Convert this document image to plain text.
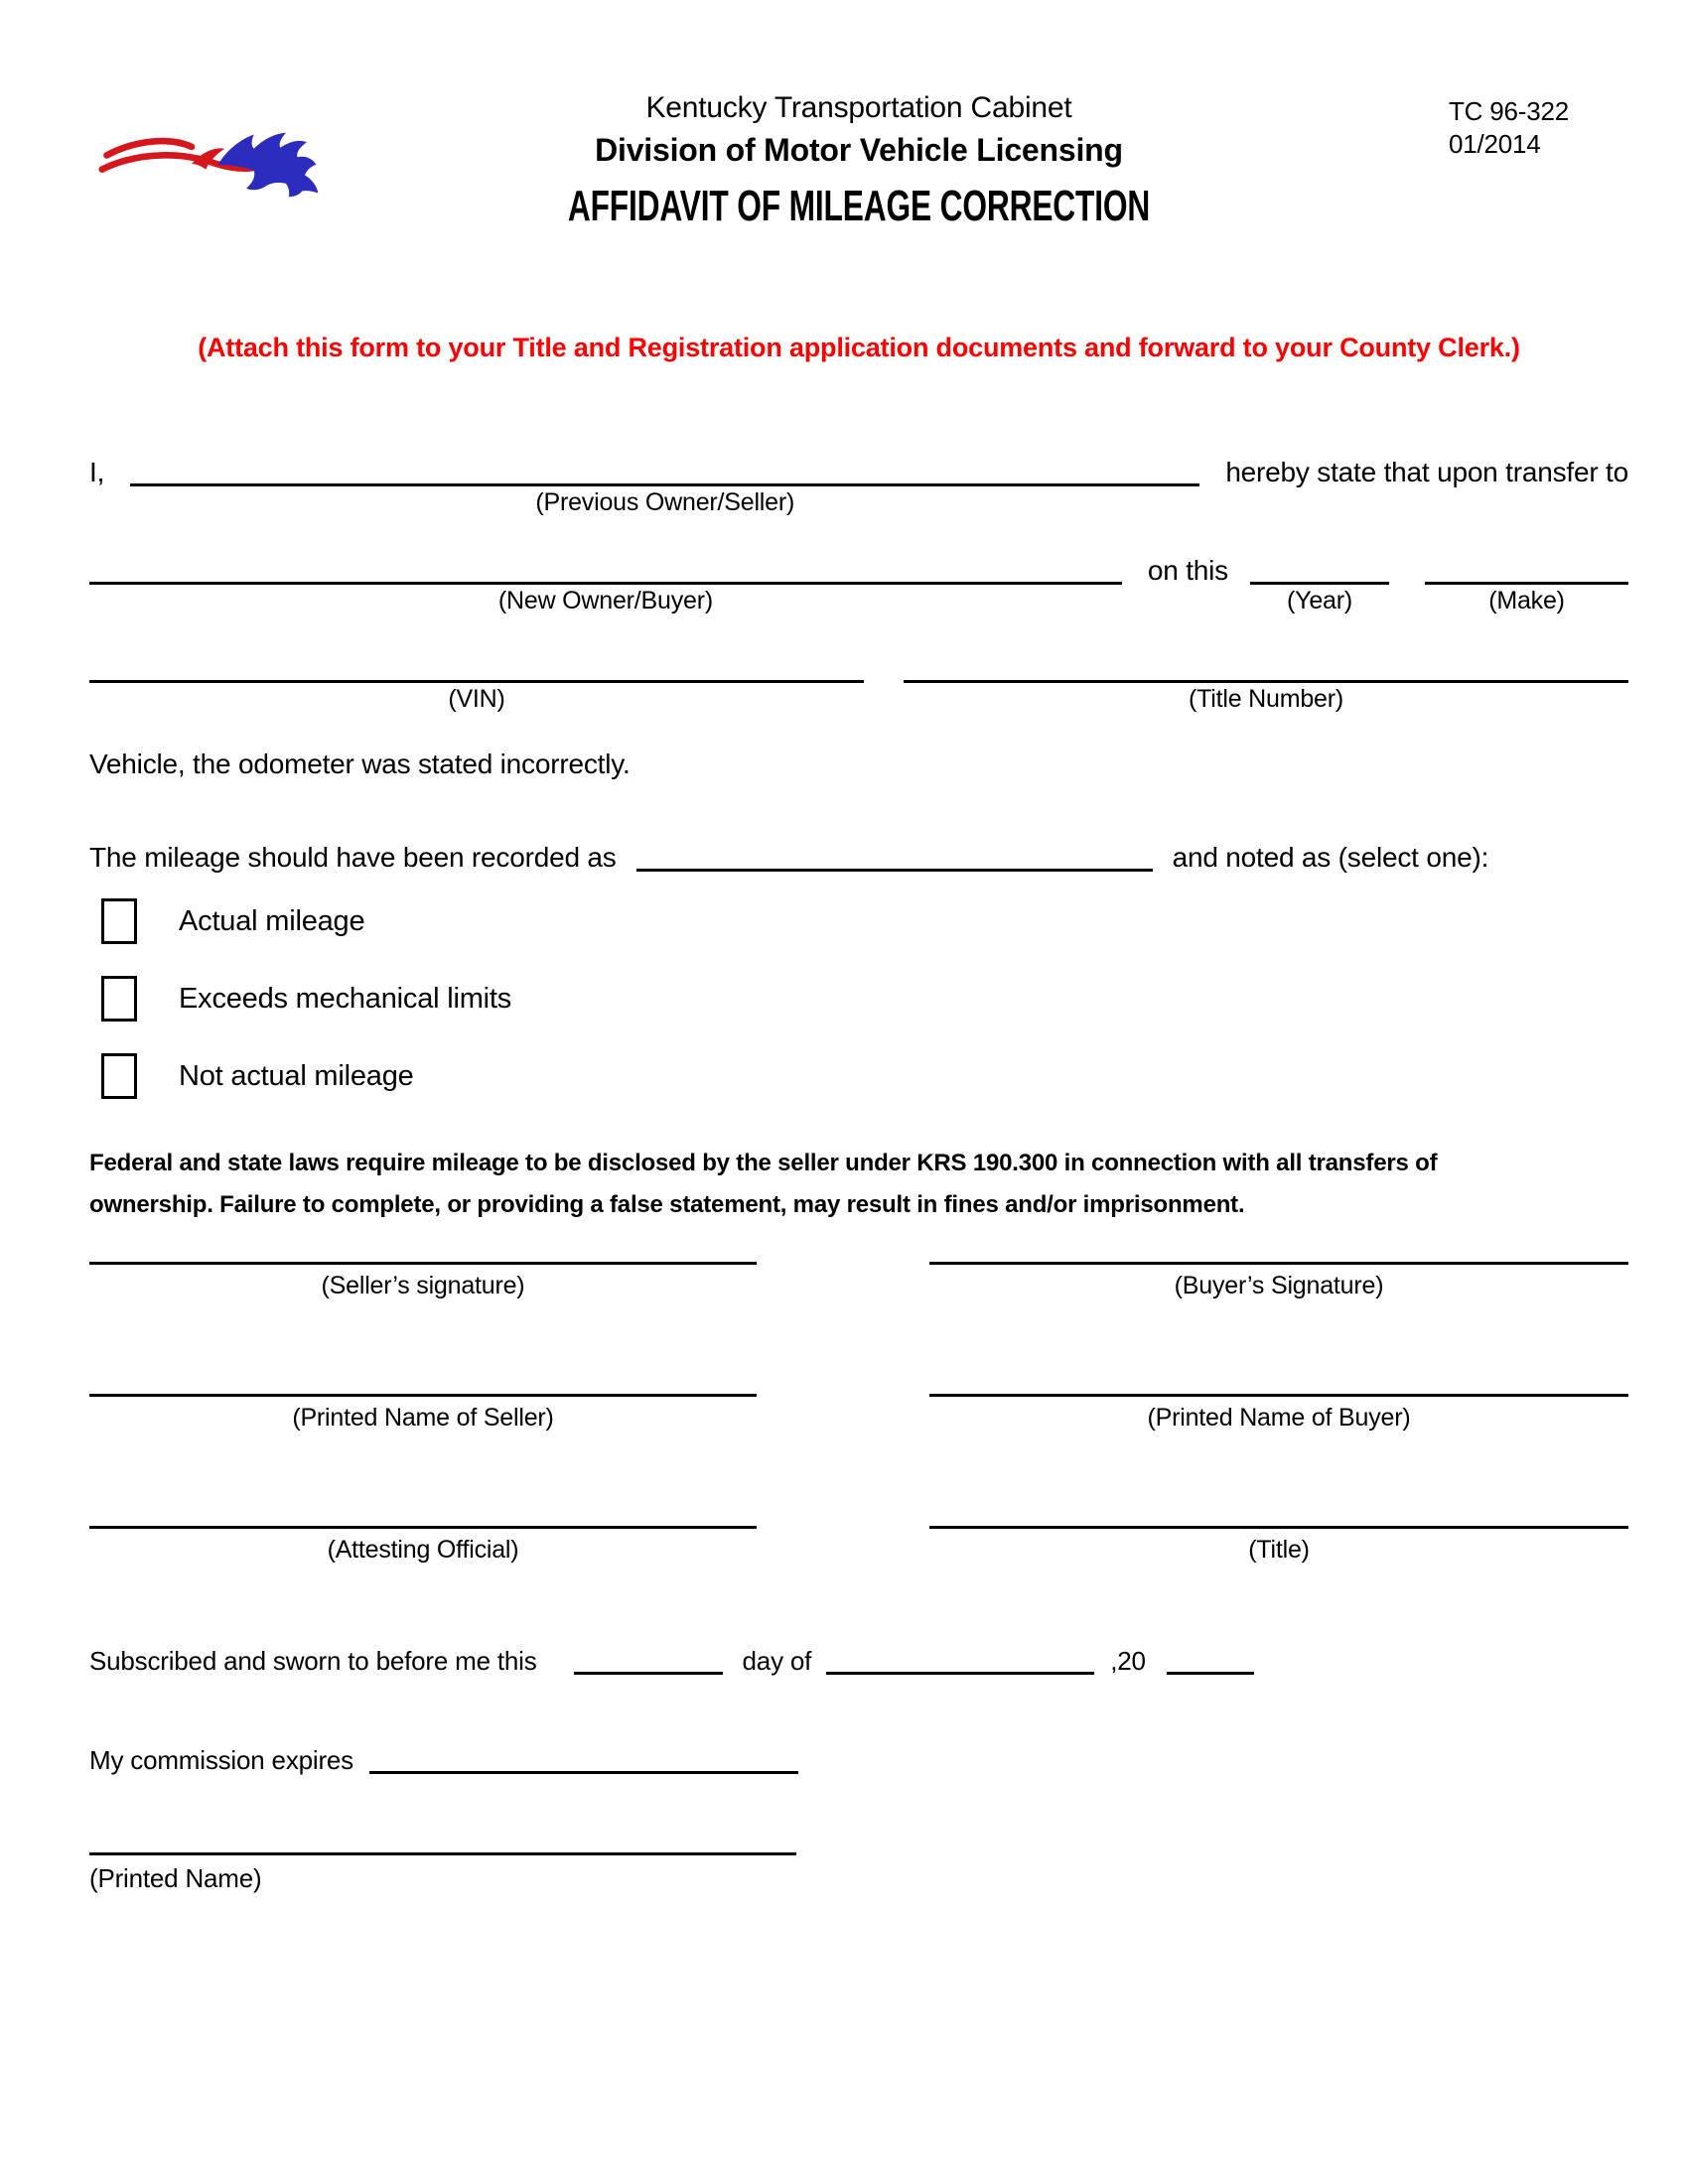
Kentucky Transportation Cabinet
Division of Motor Vehicle Licensing
AFFIDAVIT OF MILEAGE CORRECTION
TC 96-322
01/2014
(Attach this form to your Title and Registration application documents and forward to your County Clerk.)
I,
(Previous Owner/Seller)
hereby state that upon transfer to
(New Owner/Buyer)
on this
(Year)	(Make)
(VIN)	(Title Number)
Vehicle, the odometer was stated incorrectly.
The mileage should have been recorded as	and noted as (select one):
Actual mileage
Exceeds mechanical limits
Not actual mileage
Federal and state laws require mileage to be disclosed by the seller under KRS 190.300 in connection with all transfers of
ownership. Failure to complete, or providing a false statement, may result in fines and/or imprisonment.
(Seller’s signature)	(Buyer’s Signature)
(Printed Name of Seller)	(Printed Name of Buyer)
(Attesting Official)	(Title)
Subscribed and sworn to before me this	day of	,20
My commission expires
(Printed Name)
